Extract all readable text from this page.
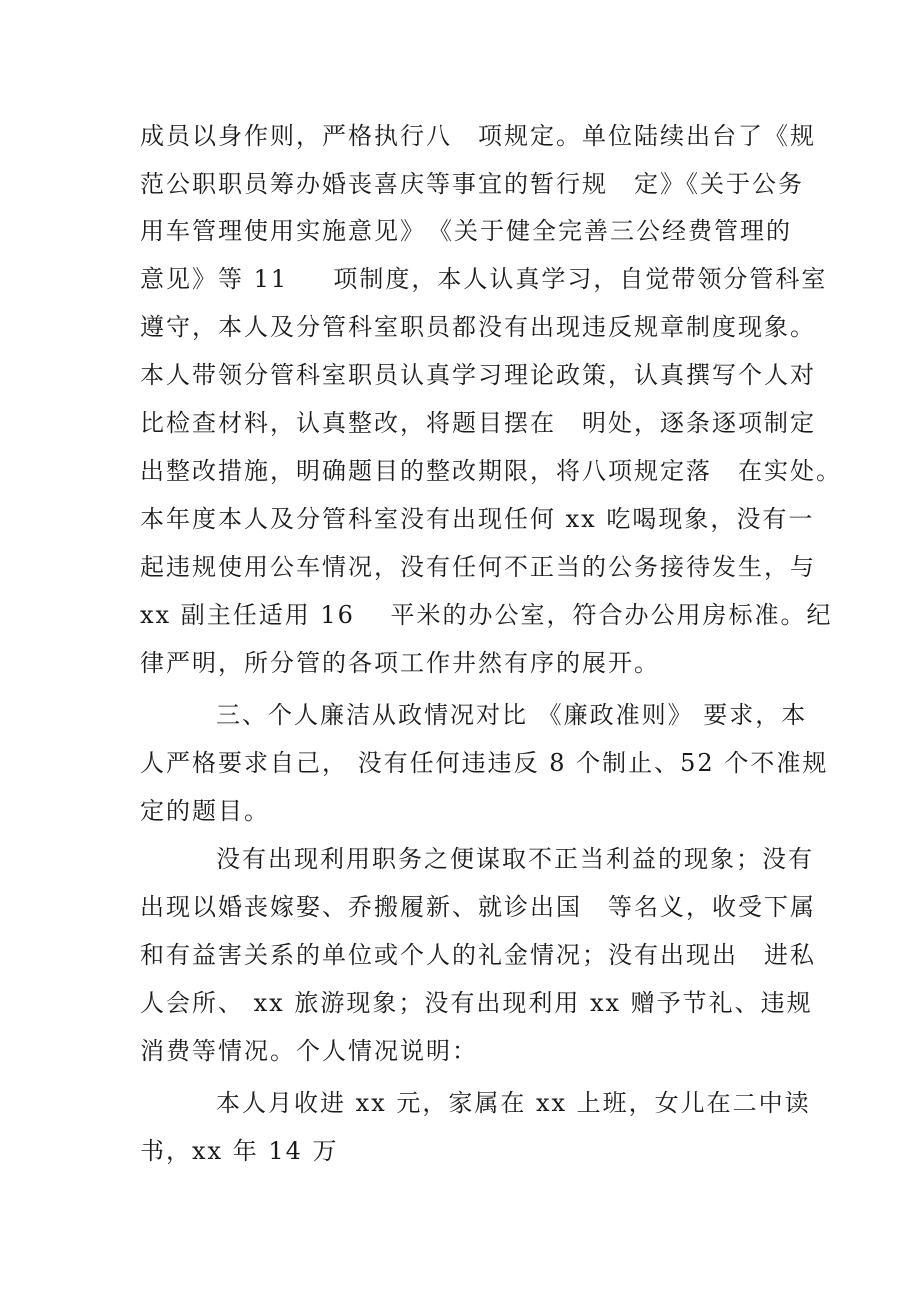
成员以身作则，严格执行八　项规定。单位陆续出台了《规

范公职职员筹办婚丧喜庆等事宜的暂行规　定》《关于公务

用车管理使用实施意见》　《关于健全完善三公经费管理的

意见》等 11 　 项制度，本人认真学习，自觉带领分管科室

遵守，本人及分管科室职员都没有出现违反规章制度现象。

本人带领分管科室职员认真学习理论政策，认真撰写个人对

比检查材料，认真整改，将题目摆在　明处，逐条逐项制定

出整改措施，明确题目的整改期限，将八项规定落　在实处。

本年度本人及分管科室没有出现任何 xx 吃喝现象，没有一

起违规使用公车情况，没有任何不正当的公务接待发生，与

xx 副主任适用 16 　平米的办公室，符合办公用房标准。纪

律严明，所分管的各项工作井然有序的展开。

三、个人廉洁从政情况对比 《廉政准则》 要求，本

人严格要求自己， 没有任何违违反 8 个制止、52 个不准规

定的题目。

没有出现利用职务之便谋取不正当利益的现象；没有

出现以婚丧嫁娶、乔搬履新、就诊出国　等名义，收受下属

和有益害关系的单位或个人的礼金情况；没有出现出　进私

人会所、 xx 旅游现象；没有出现利用 xx 赠予节礼、违规

消费等情况。个人情况说明：

本人月收进 xx 元，家属在 xx 上班，女儿在二中读

书，xx 年 14 万
